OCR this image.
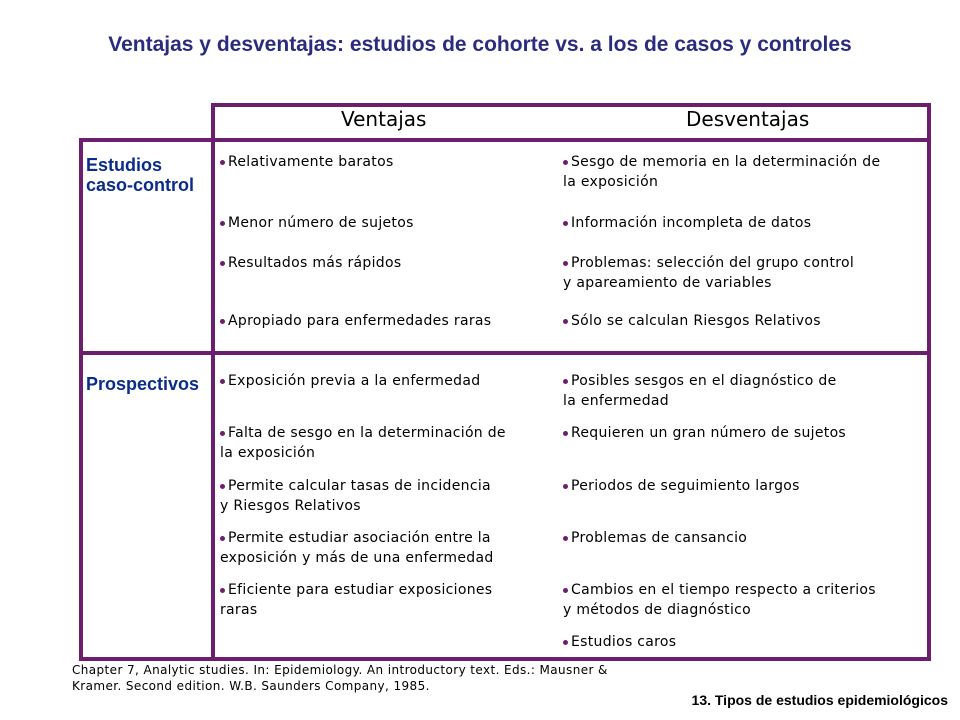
Ventajas y desventajas: estudios de cohorte vs. a los de casos y controles
Ventajas	Desventajas
Estudios
caso-control
Prospectivos
Relativamente baratos
Menor número de sujetos
Resultados más rápidos
Apropiado para enfermedades raras
Sesgo de memoria en la determinación de
la exposición
Información incompleta de datos
Problemas: selección del grupo control
y apareamiento de variables
Sólo se calculan Riesgos Relativos
Exposición previa a la enfermedad
Falta de sesgo en la determinación de
la exposición
Permite calcular tasas de incidencia
y Riesgos Relativos
Permite estudiar asociación entre la
exposición y más de una enfermedad
Eficiente para estudiar exposiciones
raras
Posibles sesgos en el diagnóstico de
la enfermedad
Requieren un gran número de sujetos
Periodos de seguimiento largos
Problemas de cansancio
Cambios en el tiempo respecto a criterios
y métodos de diagnóstico
Estudios caros
Chapter 7, Analytic studies. In: Epidemiology. An introductory text. Eds.: Mausner &
Kramer. Second edition. W.B. Saunders Company, 1985.
13. Tipos de estudios epidemiológicos
